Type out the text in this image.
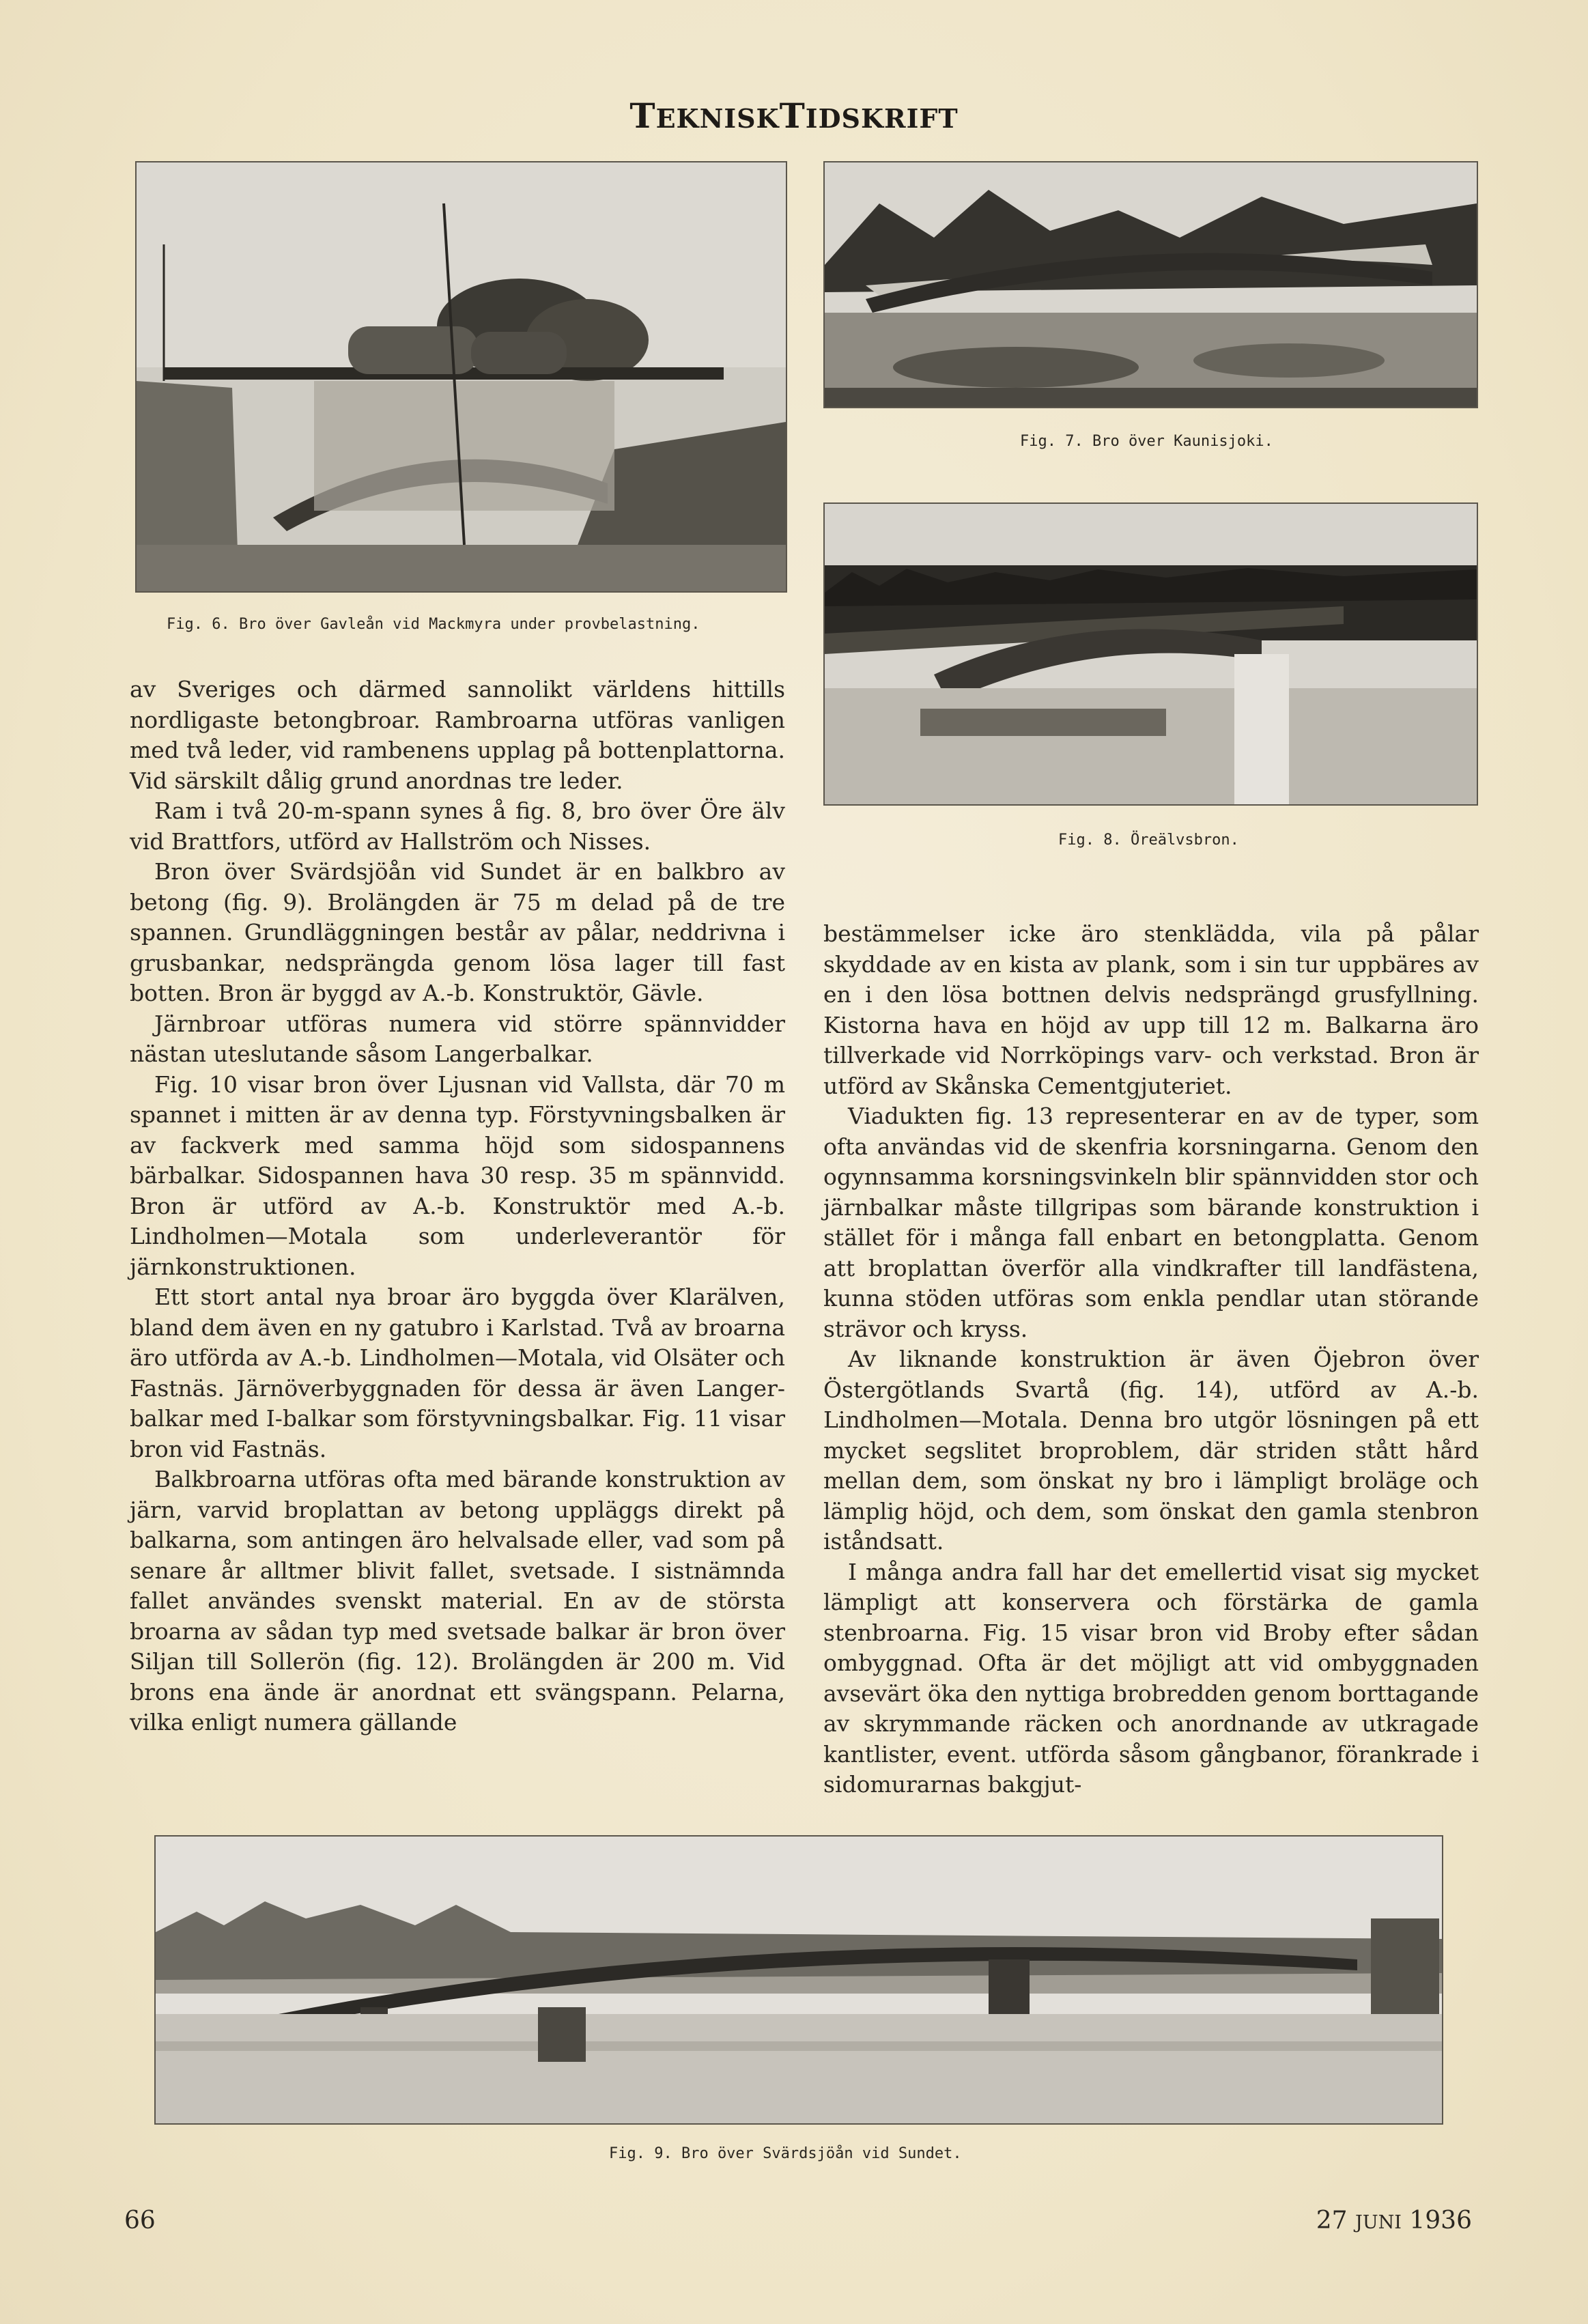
TEKNISKTIDSKRIFT
Fig. 6. Bro över Gavleån vid Mackmyra under provbelastning.
Fig. 7. Bro över Kaunisjoki.
Fig. 8. Öreälvsbron.

av Sveriges och därmed sannolikt världens hittills nordligaste betongbroar. Rambroarna utföras vanligen med två leder, vid rambenens upplag på bottenplattorna. Vid särskilt dålig grund anordnas tre leder.

Ram i två 20-m-spann synes å fig. 8, bro över Öre älv vid Brattfors, utförd av Hallström och Nisses.

Bron över Svärdsjöån vid Sundet är en balkbro av betong (fig. 9). Brolängden är 75 m delad på de tre spannen. Grundläggningen består av pålar, neddrivna i grusbankar, nedsprängda genom lösa lager till fast botten. Bron är byggd av A.-b. Konstruktör, Gävle.

Järnbroar utföras numera vid större spännvidder nästan uteslutande såsom Langerbalkar.

Fig. 10 visar bron över Ljusnan vid Vallsta, där 70 m spannet i mitten är av denna typ. Förstyvningsbalken är av fackverk med samma höjd som sidospannens bärbalkar. Sidospannen hava 30 resp. 35 m spännvidd. Bron är utförd av A.-b. Konstruktör med A.-b. Lindholmen—Motala som underleverantör för järnkonstruktionen.

Ett stort antal nya broar äro byggda över Klarälven, bland dem även en ny gatubro i Karlstad. Två av broarna äro utförda av A.-b. Lindholmen—Motala, vid Olsäter och Fastnäs. Järnöverbyggnaden för dessa är även Langer-balkar med I-balkar som förstyvningsbalkar. Fig. 11 visar bron vid Fastnäs.

Balkbroarna utföras ofta med bärande konstruktion av järn, varvid broplattan av betong uppläggs direkt på balkarna, som antingen äro helvalsade eller, vad som på senare år alltmer blivit fallet, svetsade. I sistnämnda fallet användes svenskt material. En av de största broarna av sådan typ med svetsade balkar är bron över Siljan till Sollerön (fig. 12). Brolängden är 200 m. Vid brons ena ände är anordnat ett svängspann. Pelarna, vilka enligt numera gällande

bestämmelser icke äro stenklädda, vila på pålar skyddade av en kista av plank, som i sin tur uppbäres av en i den lösa bottnen delvis nedsprängd grusfyllning. Kistorna hava en höjd av upp till 12 m. Balkarna äro tillverkade vid Norrköpings varv- och verkstad. Bron är utförd av Skånska Cementgjuteriet.

Viadukten fig. 13 representerar en av de typer, som ofta användas vid de skenfria korsningarna. Genom den ogynnsamma korsningsvinkeln blir spännvidden stor och järnbalkar måste tillgripas som bärande konstruktion i stället för i många fall enbart en betongplatta. Genom att broplattan överför alla vindkrafter till landfästena, kunna stöden utföras som enkla pendlar utan störande strävor och kryss.

Av liknande konstruktion är även Öjebron över Östergötlands Svartå (fig. 14), utförd av A.-b. Lindholmen—Motala. Denna bro utgör lösningen på ett mycket segslitet broproblem, där striden stått hård mellan dem, som önskat ny bro i lämpligt broläge och lämplig höjd, och dem, som önskat den gamla stenbron iståndsatt.

I många andra fall har det emellertid visat sig mycket lämpligt att konservera och förstärka de gamla stenbroarna. Fig. 15 visar bron vid Broby efter sådan ombyggnad. Ofta är det möjligt att vid ombyggnaden avsevärt öka den nyttiga brobredden genom borttagande av skrymmande räcken och anordnande av utkragade kantlister, event. utförda såsom gångbanor, förankrade i sidomurarnas bakgjut-

Fig. 9. Bro över Svärdsjöån vid Sundet.
66	27 JUNI 1936
